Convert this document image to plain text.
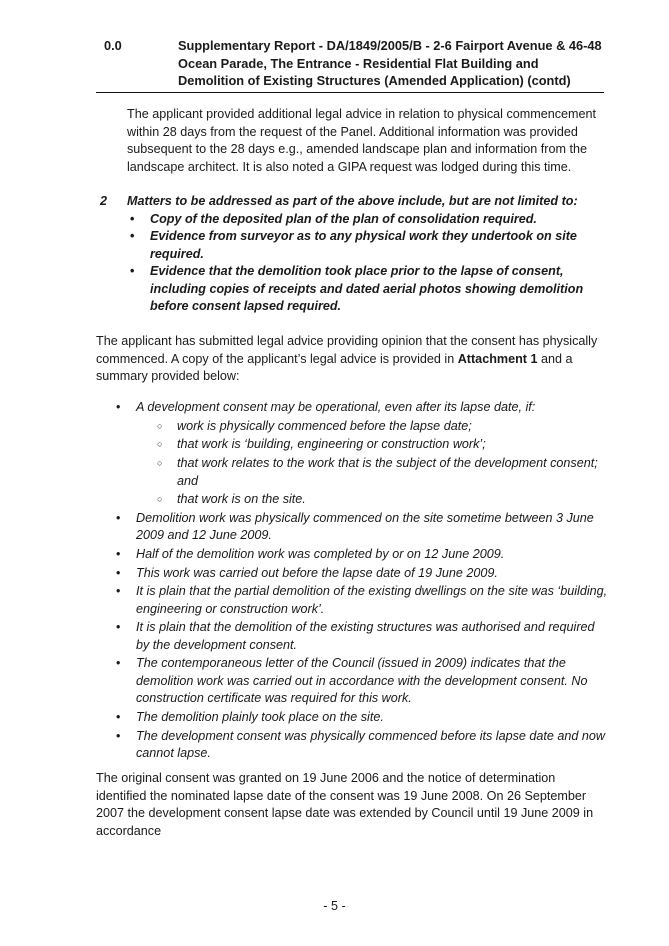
0.0	Supplementary Report - DA/1849/2005/B - 2-6 Fairport Avenue & 46-48 Ocean Parade, The Entrance - Residential Flat Building and Demolition of Existing Structures (Amended Application) (contd)

The applicant provided additional legal advice in relation to physical commencement within 28 days from the request of the Panel. Additional information was provided subsequent to the 28 days e.g., amended landscape plan and information from the landscape architect. It is also noted a GIPA request was lodged during this time.

2 Matters to be addressed as part of the above include, but are not limited to:

• Copy of the deposited plan of the plan of consolidation required.
• Evidence from surveyor as to any physical work they undertook on site required.
• Evidence that the demolition took place prior to the lapse of consent, including copies of receipts and dated aerial photos showing demolition before consent lapsed required.

The applicant has submitted legal advice providing opinion that the consent has physically commenced. A copy of the applicant’s legal advice is provided in Attachment 1 and a summary provided below:

• A development consent may be operational, even after its lapse date, if:
○ work is physically commenced before the lapse date;
○ that work is ‘building, engineering or construction work’;
○ that work relates to the work that is the subject of the development consent; and
○ that work is on the site.
• Demolition work was physically commenced on the site sometime between 3 June 2009 and 12 June 2009.
• Half of the demolition work was completed by or on 12 June 2009.
• This work was carried out before the lapse date of 19 June 2009.
• It is plain that the partial demolition of the existing dwellings on the site was ‘building, engineering or construction work’.
• It is plain that the demolition of the existing structures was authorised and required by the development consent.
• The contemporaneous letter of the Council (issued in 2009) indicates that the demolition work was carried out in accordance with the development consent. No construction certificate was required for this work.
• The demolition plainly took place on the site.
• The development consent was physically commenced before its lapse date and now cannot lapse.

The original consent was granted on 19 June 2006 and the notice of determination identified the nominated lapse date of the consent was 19 June 2008. On 26 September 2007 the development consent lapse date was extended by Council until 19 June 2009 in accordance

- 5 -
